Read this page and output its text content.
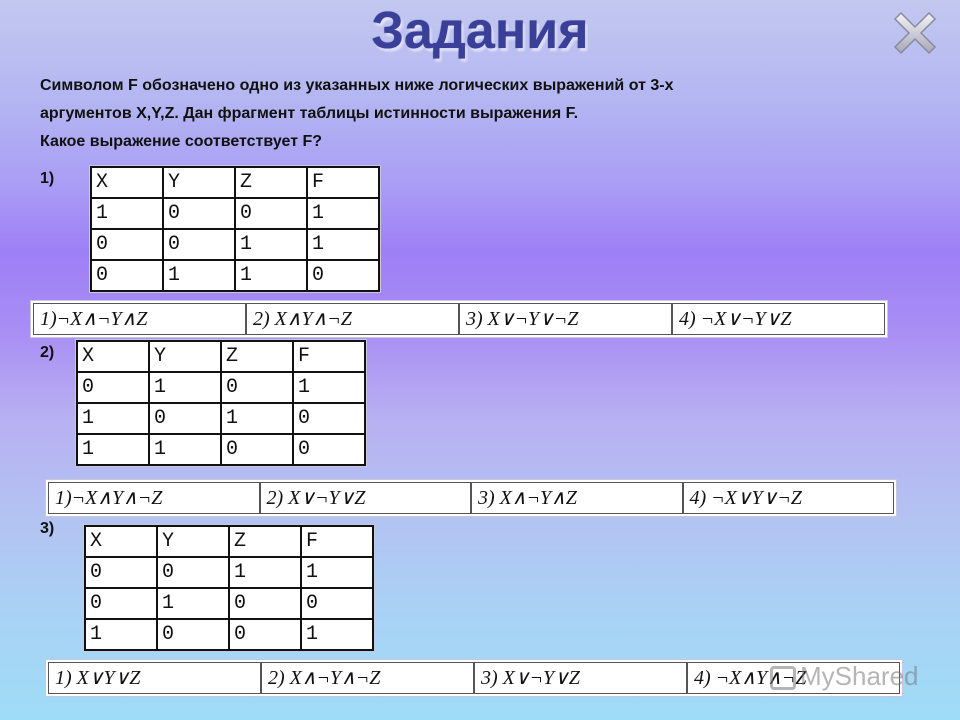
Задания

Символом F обозначено одно из указанных ниже логических выражений от 3-х

аргументов X,Y,Z. Дан фрагмент таблицы истинности выражения F.

Какое выражение соответствует F?

1) X	Y	Z	F
1	0	0	1
0	0	1	1
0	1	1	0
1)¬X∧¬Y∧Z	2) X∧Y∧¬Z	3) X∨¬Y∨¬Z	4) ¬X∨¬Y∨Z
2) X	Y	Z	F
0	1	0	1
1	0	1	0
1	1	0	0
1)¬X∧Y∧¬Z	2) X∨¬Y∨Z	3) X∧¬Y∧Z	4) ¬X∨Y∨¬Z
3)
X	Y	Z	F
0	0	1	1
0	1	0	0
1	0	0	1
1) X∨Y∨Z	2) X∧¬Y∧¬Z	3) X∨¬Y∨Z	4) ¬X∧Y∧¬Z
MyShared
